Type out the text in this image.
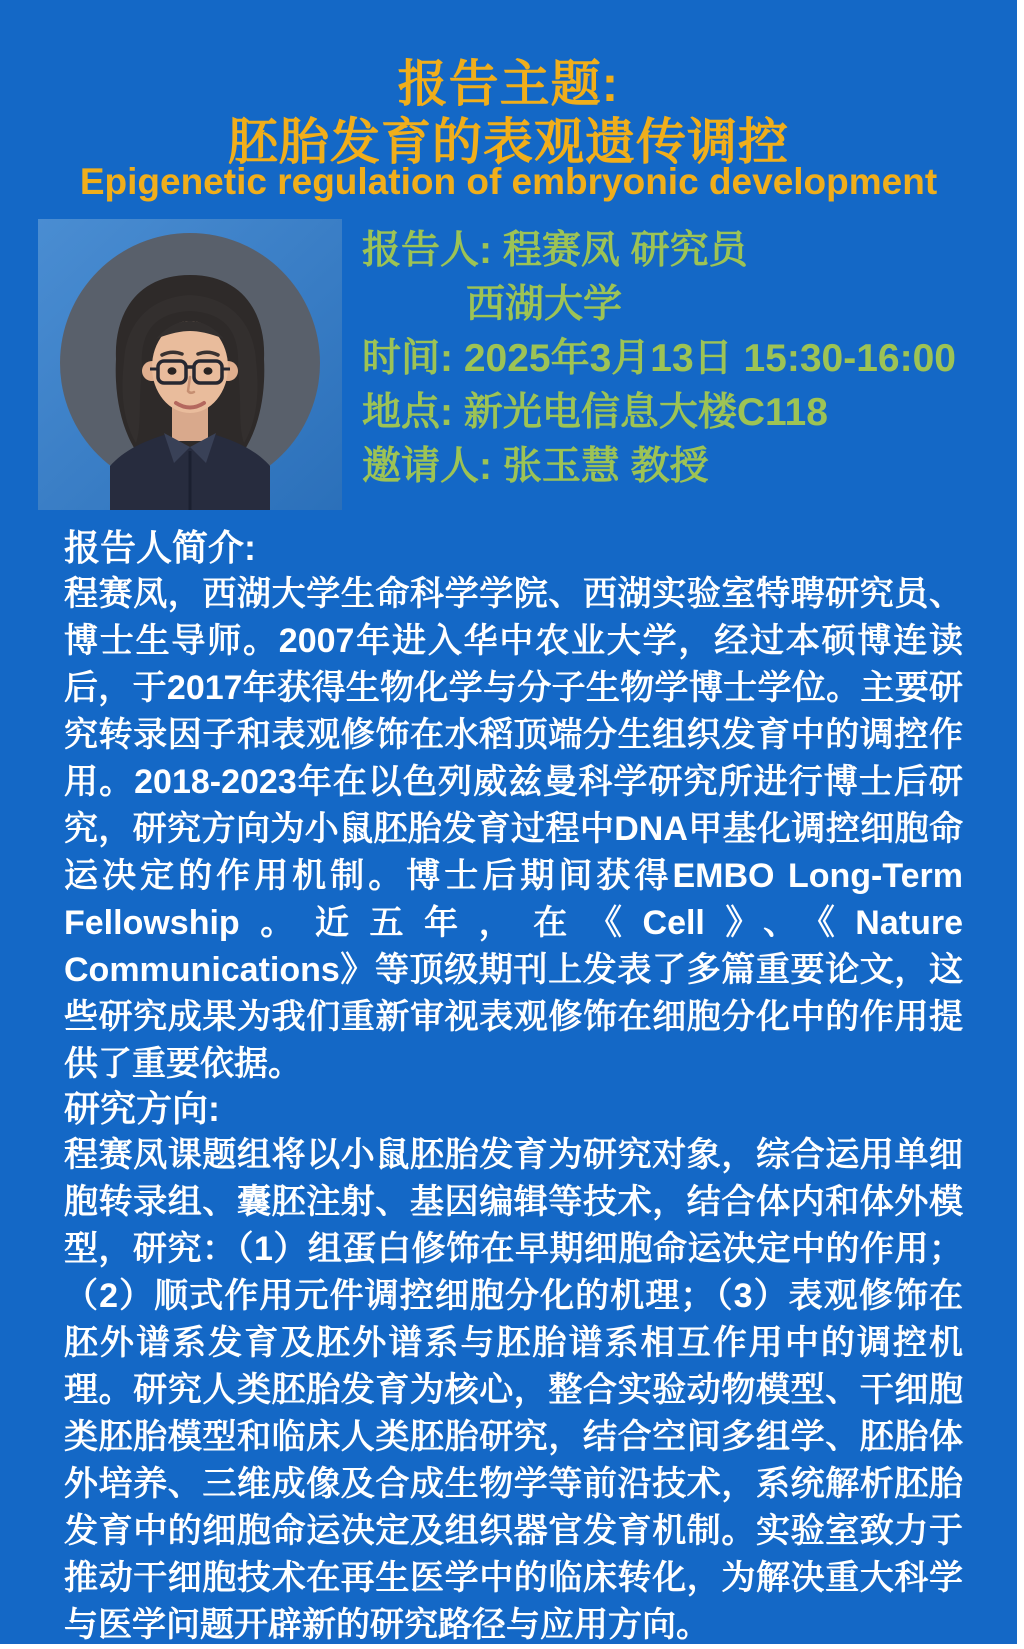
报告主题:
胚胎发育的表观遗传调控
Epigenetic regulation of embryonic development
报告人: 程赛凤 研究员
西湖大学
时间: 2025年3月13日 15:30-16:00
地点: 新光电信息大楼C118
邀请人: 张玉慧 教授
报告人简介:

程赛凤，西湖大学生命科学学院、西湖实验室特聘研究员、博士生导师。2007年进入华中农业大学，经过本硕博连读后，于2017年获得生物化学与分子生物学博士学位。主要研究转录因子和表观修饰在水稻顶端分生组织发育中的调控作用。2018-2023年在以色列威兹曼科学研究所进行博士后研究，研究方向为小鼠胚胎发育过程中DNA甲基化调控细胞命运决定的作用机制。博士后期间获得EMBO Long-Term Fellowship。近五年，在《Cell》、《Nature Communications》等顶级期刊上发表了多篇重要论文，这些研究成果为我们重新审视表观修饰在细胞分化中的作用提供了重要依据。

研究方向:

程赛凤课题组将以小鼠胚胎发育为研究对象，综合运用单细胞转录组、囊胚注射、基因编辑等技术，结合体内和体外模型，研究：（1）组蛋白修饰在早期细胞命运决定中的作用；（2）顺式作用元件调控细胞分化的机理；（3）表观修饰在胚外谱系发育及胚外谱系与胚胎谱系相互作用中的调控机理。研究人类胚胎发育为核心，整合实验动物模型、干细胞类胚胎模型和临床人类胚胎研究，结合空间多组学、胚胎体外培养、三维成像及合成生物学等前沿技术，系统解析胚胎发育中的细胞命运决定及组织器官发育机制。实验室致力于推动干细胞技术在再生医学中的临床转化，为解决重大科学与医学问题开辟新的研究路径与应用方向。
